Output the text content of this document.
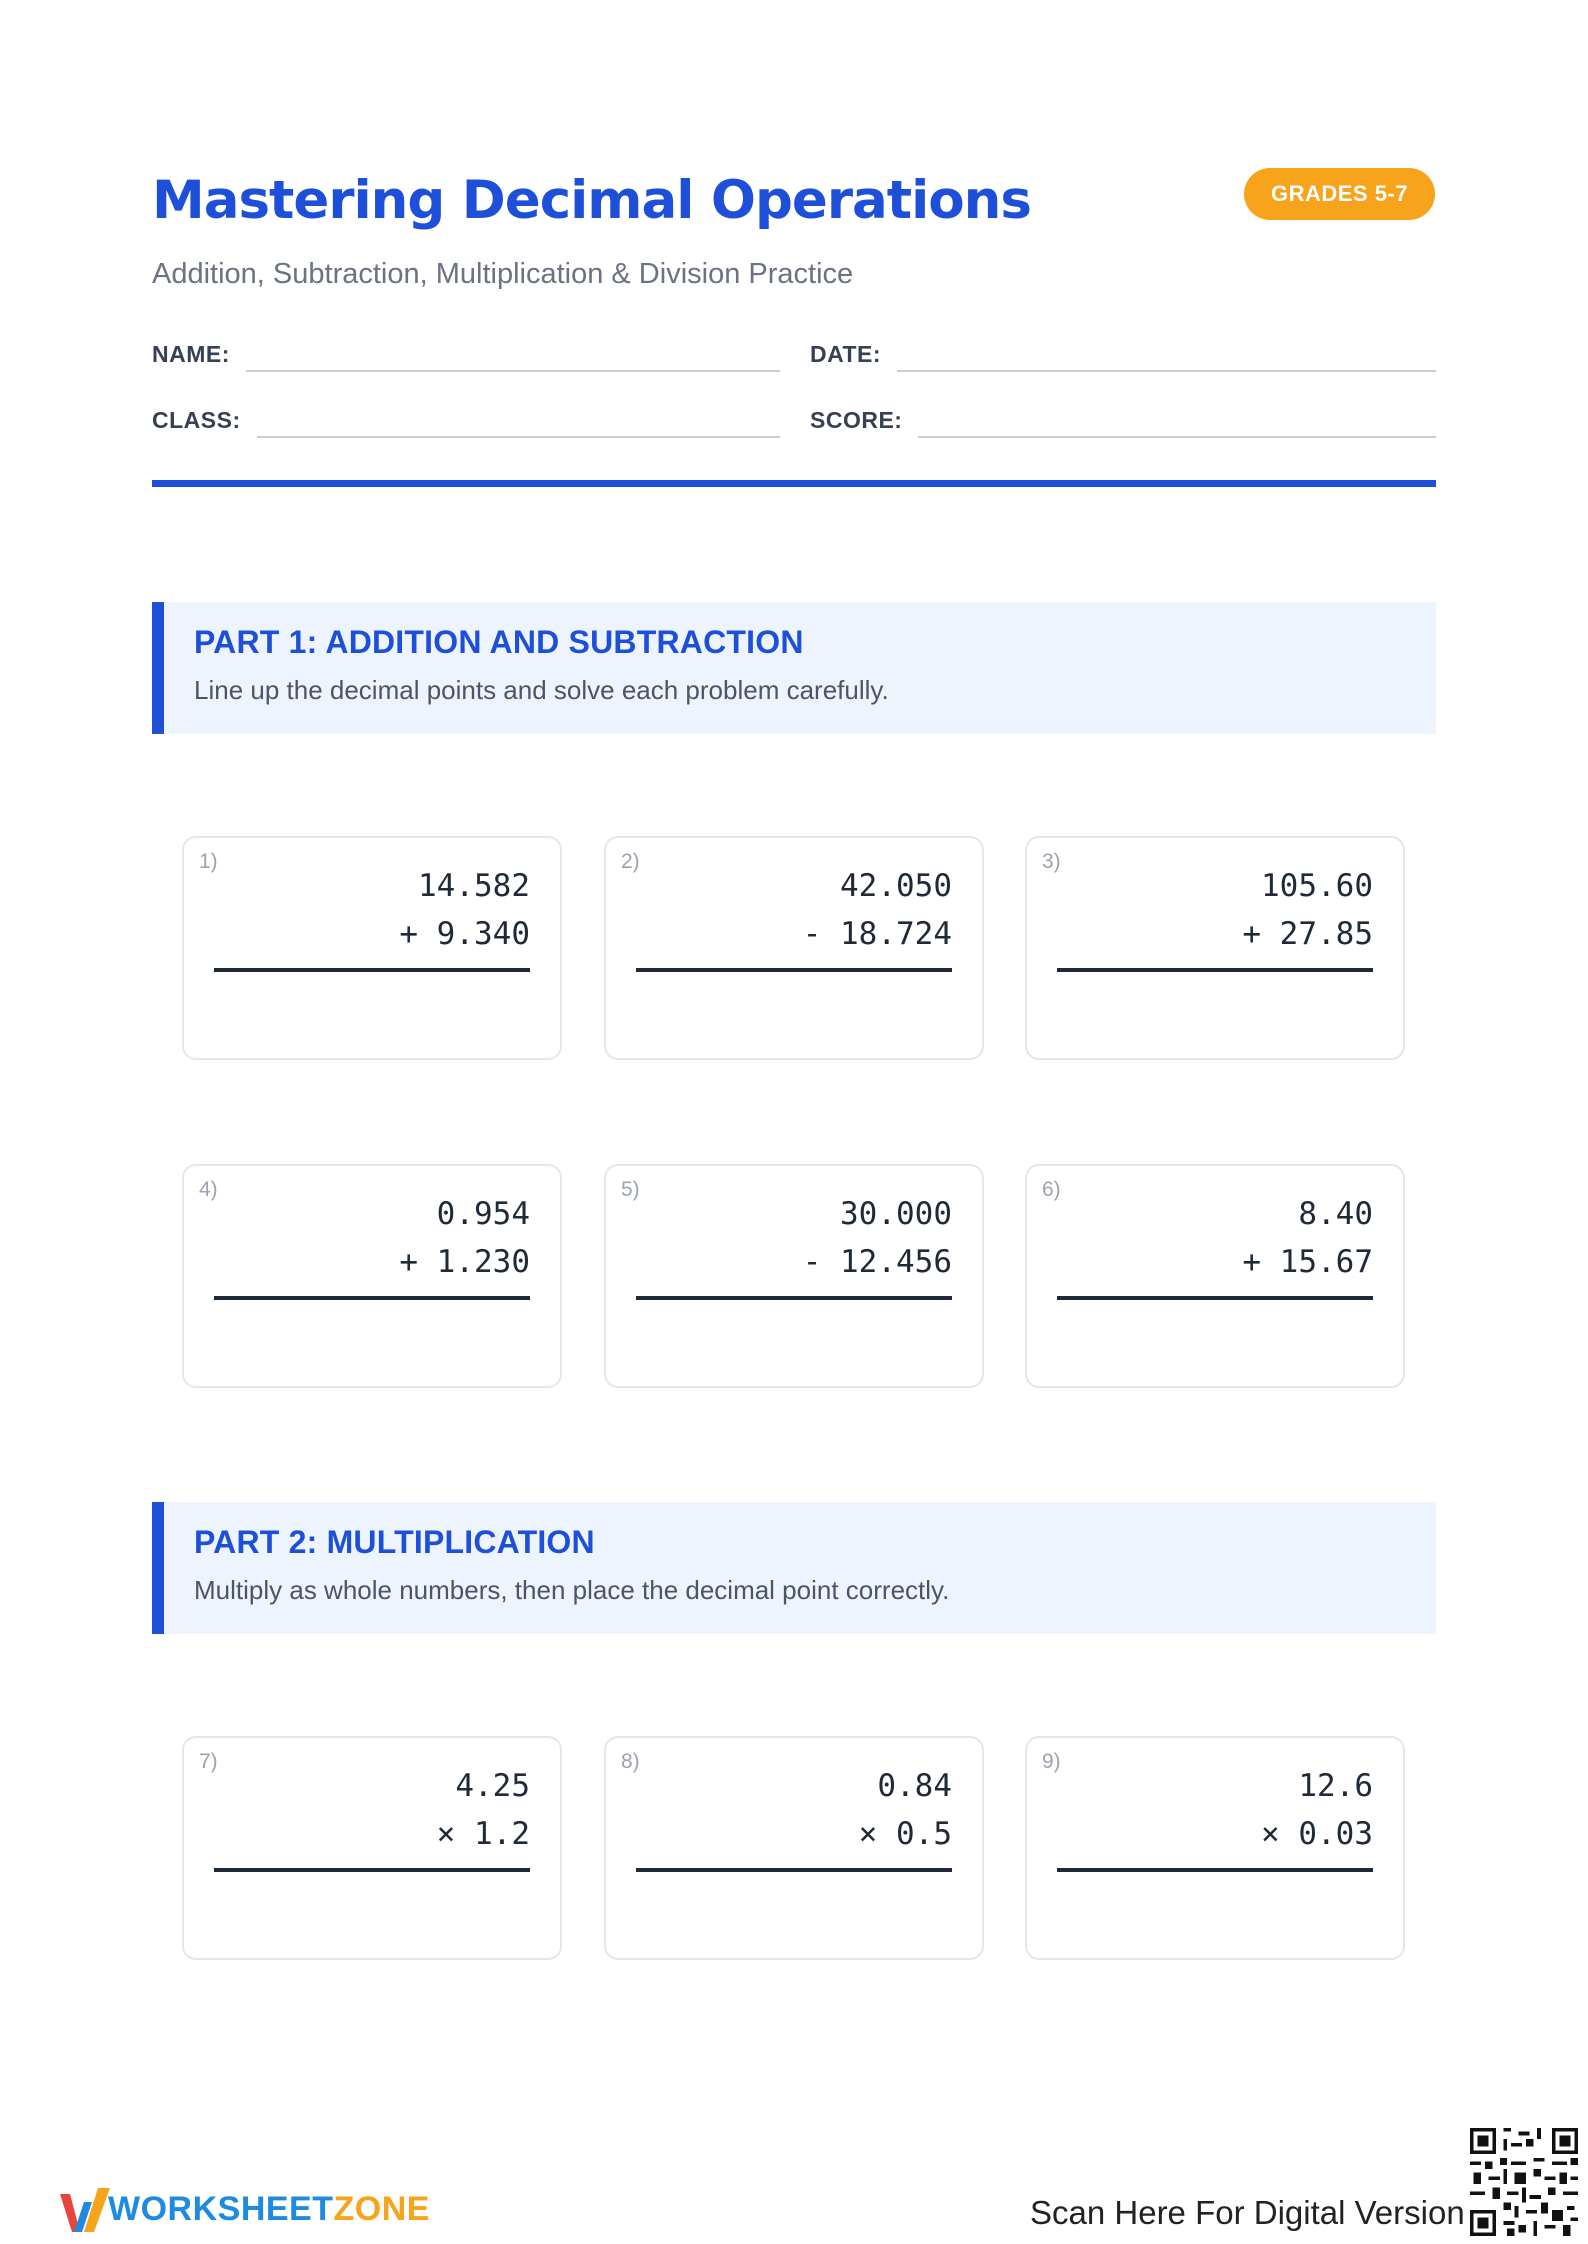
Mastering Decimal Operations	GRADES 5-7
Addition, Subtraction, Multiplication & Division Practice
NAME:	DATE:
CLASS:	SCORE:
PART 1: ADDITION AND SUBTRACTION
Line up the decimal points and solve each problem carefully.
1)
14.582
+ 9.340
2)
42.050
- 18.724
3)
105.60
+ 27.85
4)
0.954
+ 1.230
5)
30.000
- 12.456
6)
8.40
+ 15.67
PART 2: MULTIPLICATION
Multiply as whole numbers, then place the decimal point correctly.
7)
4.25
× 1.2
8)
0.84
× 0.5
9)
12.6
× 0.03
WORKSHEETZONE	Scan Here For Digital Version
